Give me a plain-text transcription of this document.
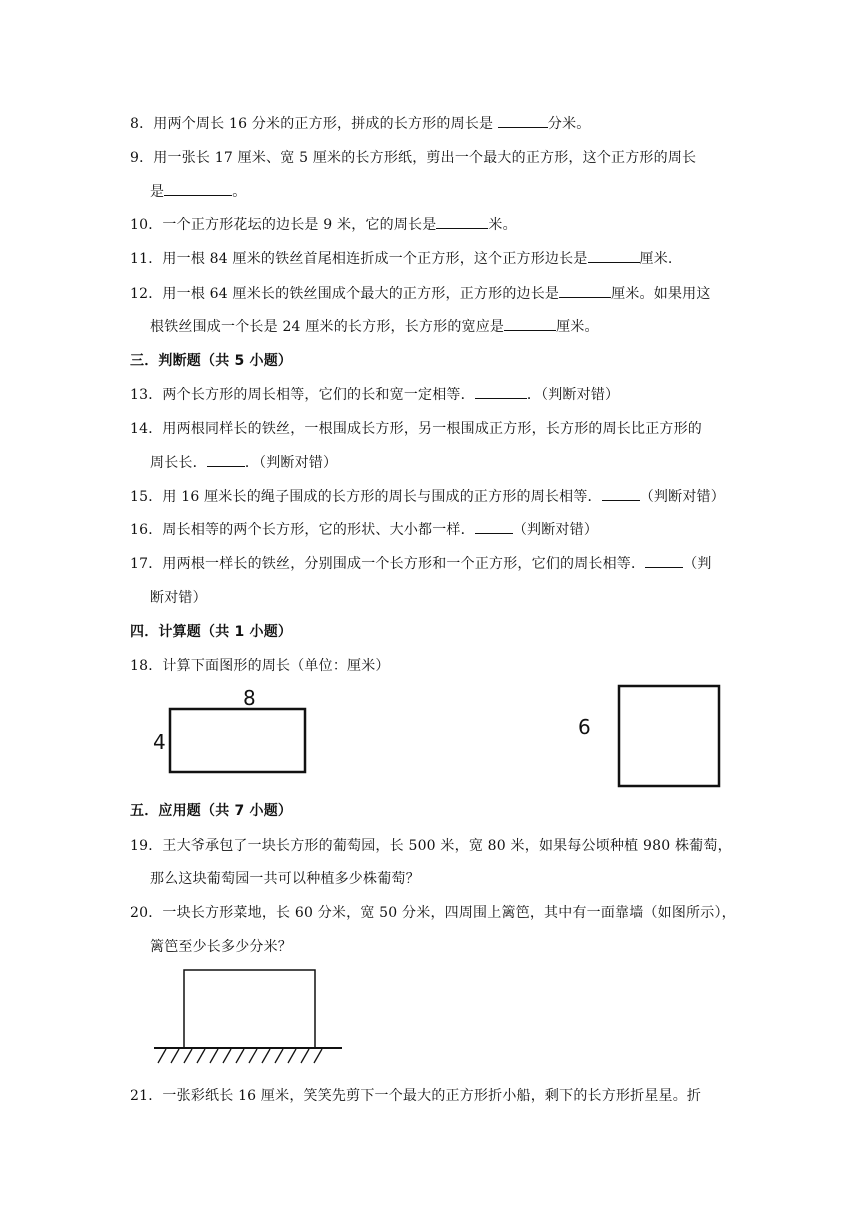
8．用两个周长 16 分米的正方形，拼成的长方形的周长是	分米。
9．用一张长 17 厘米、宽 5 厘米的长方形纸，剪出一个最大的正方形，这个正方形的周长
是	。
10．一个正方形花坛的边长是 9 米，它的周长是	米。
11．用一根 84 厘米的铁丝首尾相连折成一个正方形，这个正方形边长是	厘米.
12．用一根 64 厘米长的铁丝围成个最大的正方形，正方形的边长是	厘米。如果用这
根铁丝围成一个长是 24 厘米的长方形，长方形的宽应是	厘米。
三．判断题（共 5 小题）
13．两个长方形的周长相等，它们的长和宽一定相等．	．（判断对错）
14．用两根同样长的铁丝，一根围成长方形，另一根围成正方形，长方形的周长比正方形的
周长长．	．（判断对错）
15．用 16 厘米长的绳子围成的长方形的周长与围成的正方形的周长相等．	（判断对错）
16．周长相等的两个长方形，它的形状、大小都一样．	（判断对错）
17．用两根一样长的铁丝，分别围成一个长方形和一个正方形，它们的周长相等．	（判
断对错）
四．计算题（共 1 小题）
18．计算下面图形的周长（单位：厘米）
8
4
6
五．应用题（共 7 小题）
19．王大爷承包了一块长方形的葡萄园，长 500 米，宽 80 米，如果每公顷种植 980 株葡萄，
那么这块葡萄园一共可以种植多少株葡萄？
20．一块长方形菜地，长 60 分米，宽 50 分米，四周围上篱笆，其中有一面靠墙（如图所示），
篱笆至少长多少分米？
21．一张彩纸长 16 厘米，笑笑先剪下一个最大的正方形折小船，剩下的长方形折星星。折
